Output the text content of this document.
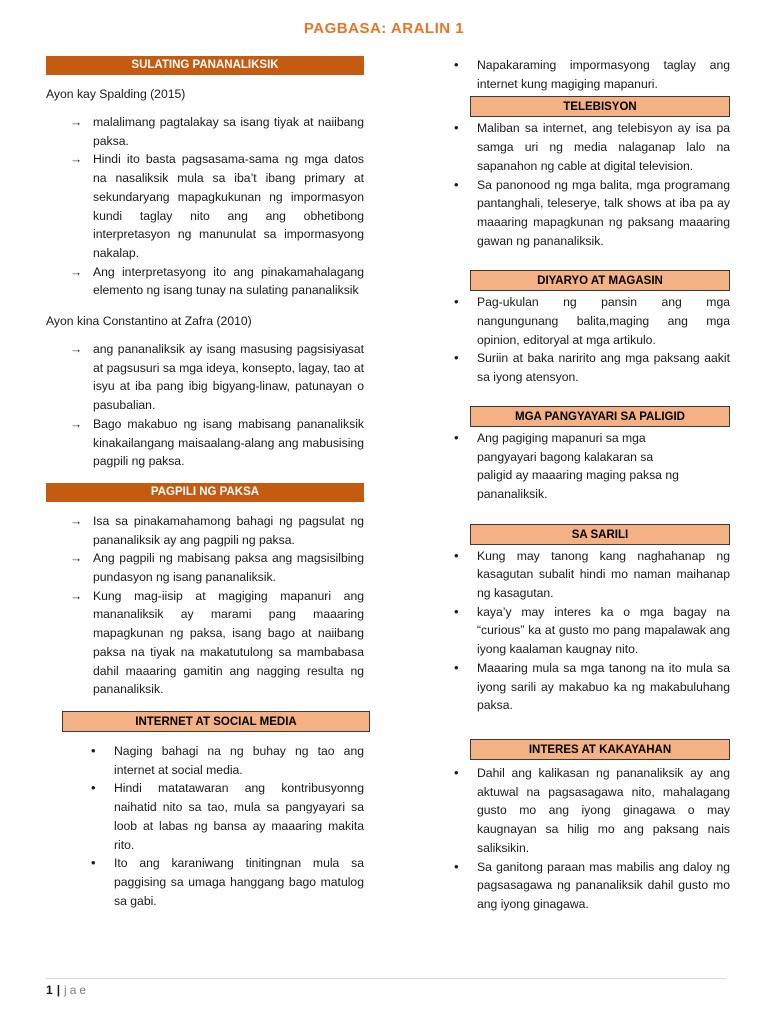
PAGBASA: ARALIN 1
SULATING PANANALIKSIK
Ayon kay Spalding (2015)
→ malalimang pagtalakay sa isang tiyak at naiibang paksa.
→ Hindi ito basta pagsasama-sama ng mga datos na nasaliksik mula sa iba’t ibang primary at sekundaryang mapagkukunan ng impormasyon kundi taglay nito ang ang obhetibong interpretasyon ng manunulat sa impormasyong nakalap.
→ Ang interpretasyong ito ang pinakamahalagang elemento ng isang tunay na sulating pananaliksik
Ayon kina Constantino at Zafra (2010)
→ ang pananaliksik ay isang masusing pagsisiyasat at pagsusuri sa mga ideya, konsepto, lagay, tao at isyu at iba pang ibig bigyang-linaw, patunayan o pasubalian.
→ Bago makabuo ng isang mabisang pananaliksik kinakailangang maisaalang-alang ang mabusising pagpili ng paksa.
PAGPILI NG PAKSA
→ Isa sa pinakamahamong bahagi ng pagsulat ng pananaliksik ay ang pagpili ng paksa.
→ Ang pagpili ng mabisang paksa ang magsisilbing pundasyon ng isang pananaliksik.
→ Kung mag-iisip at magiging mapanuri ang mananaliksik ay marami pang maaaring mapagkunan ng paksa, isang bago at naiibang paksa na tiyak na makatutulong sa mambabasa dahil maaaring gamitin ang nagging resulta ng pananaliksik.
INTERNET AT SOCIAL MEDIA
• Naging bahagi na ng buhay ng tao ang internet at social media.
• Hindi matatawaran ang kontribusyonng naihatid nito sa tao, mula sa pangyayari sa loob at labas ng bansa ay maaaring makita rito.
• Ito ang karaniwang tinitingnan mula sa paggising sa umaga hanggang bago matulog sa gabi.
• Napakaraming impormasyong taglay ang internet kung magiging mapanuri.
TELEBISYON
• Maliban sa internet, ang telebisyon ay isa pa samga uri ng media nalaganap lalo na sapanahon ng cable at digital television.
• Sa panonood ng mga balita, mga programang pantanghali, teleserye, talk shows at iba pa ay maaaring mapagkunan ng paksang maaaring gawan ng pananaliksik.
DIYARYO AT MAGASIN
• Pag-ukulan ng pansin ang mga nangungunang balita,maging ang mga opinion, editoryal at mga artikulo.
• Suriin at baka naririto ang mga paksang aakit sa iyong atensyon.
MGA PANGYAYARI SA PALIGID
• Ang pagiging mapanuri sa mga pangyayari bagong kalakaran sa paligid ay maaaring maging paksa ng pananaliksik.
SA SARILI
• Kung may tanong kang naghahanap ng kasagutan subalit hindi mo naman maihanap ng kasagutan.
• kaya’y may interes ka o mga bagay na “curious” ka at gusto mo pang mapalawak ang iyong kaalaman kaugnay nito.
• Maaaring mula sa mga tanong na ito mula sa iyong sarili ay makabuo ka ng makabuluhang paksa.
INTERES AT KAKAYAHAN
• Dahil ang kalikasan ng pananaliksik ay ang aktuwal na pagsasagawa nito, mahalagang gusto mo ang iyong ginagawa o may kaugnayan sa hilig mo ang paksang nais saliksikin.
• Sa ganitong paraan mas mabilis ang daloy ng pagsasagawa ng pananaliksik dahil gusto mo ang iyong ginagawa.
1 | jae
